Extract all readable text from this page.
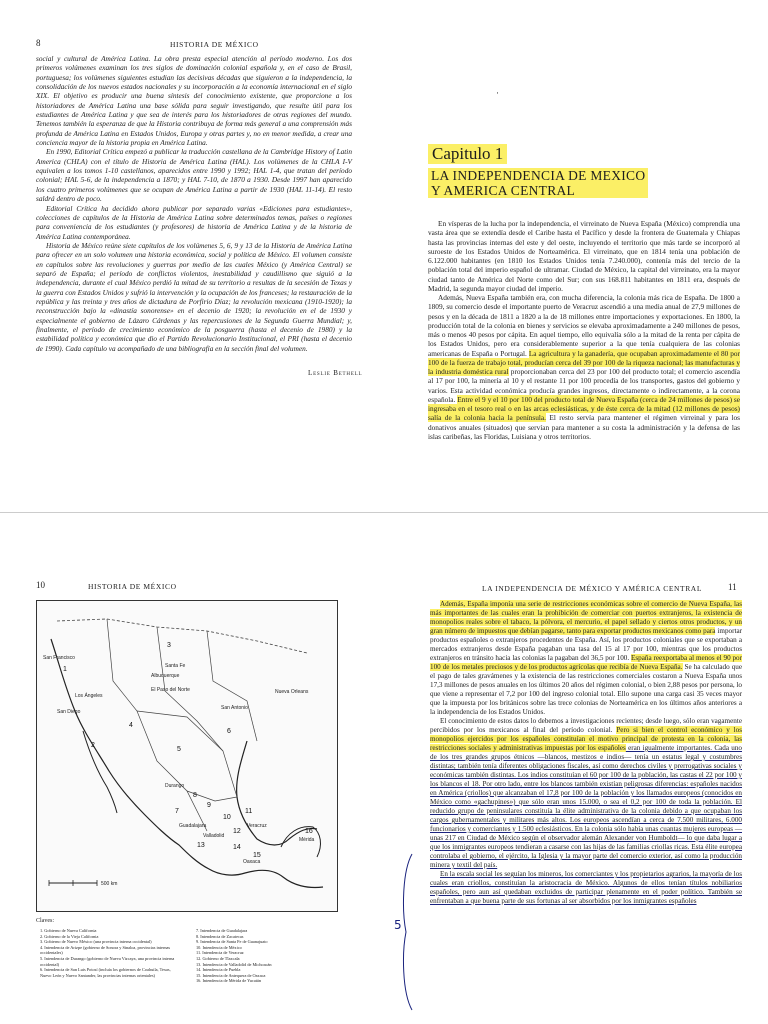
8	HISTORIA DE MÉXICO

social y cultural de América Latina. La obra presta especial atención al período moderno. Los dos primeros volúmenes examinan los tres siglos de dominación colonial española y, en el caso de Brasil, portuguesa; los volúmenes siguientes estudian las decisivas décadas que siguieron a la independencia, la consolidación de los nuevos estados nacionales y su incorporación a la economía internacional en el siglo XIX. El objetivo es producir una buena síntesis del conocimiento existente, que proporcione a los historiadores de América Latina una base sólida para seguir investigando, que resulte útil para los estudiantes de América Latina y que sea de interés para los historiadores de otras regiones del mundo. Tenemos también la esperanza de que la Historia contribuya de forma más general a una comprensión más profunda de América Latina en Estados Unidos, Europa y otras partes y, no en menor medida, a crear una conciencia mayor de la historia propia en América Latina.

En 1990, Editorial Crítica empezó a publicar la traducción castellana de la Cambridge History of Latin America (CHLA) con el título de Historia de América Latina (HAL). Los volúmenes de la CHLA I-V equivalen a los tomos 1-10 castellanos, aparecidos entre 1990 y 1992; HAL 1-4, que tratan del período colonial; HAL 5-6, de la independencia a 1870; y HAL 7-10, de 1870 a 1930. Desde 1997 han aparecido los cuatro primeros volúmenes que se ocupan de América Latina a partir de 1930 (HAL 11-14). El resto saldrá dentro de poco.

Editorial Crítica ha decidido ahora publicar por separado varias «Ediciones para estudiantes», colecciones de capítulos de la Historia de América Latina sobre determinados temas, países o regiones para conveniencia de los estudiantes (y profesores) de historia de América Latina y de la historia de América Latina contemporánea.

Historia de México reúne siete capítulos de los volúmenes 5, 6, 9 y 13 de la Historia de América Latina para ofrecer en un solo volumen una historia económica, social y política de México. El volumen consiste en capítulos sobre las revoluciones y guerras por medio de las cuales México (y América Central) se separó de España; el período de conflictos violentos, inestabilidad y caudillismo que siguió a la independencia, durante el cual México perdió la mitad de su territorio a resultas de la secesión de Texas y la guerra con Estados Unidos y sufrió la intervención y la ocupación de los franceses; la restauración de la república y las treinta y tres años de dictadura de Porfirio Díaz; la revolución mexicana (1910-1920); la reconstrucción bajo la «dinastía sonorense» en el decenio de 1920; la revolución en el de 1930 y especialmente el gobierno de Lázaro Cárdenas y las repercusiones de la Segunda Guerra Mundial; y, finalmente, el período de crecimiento económico de la posguerra (hasta el decenio de 1980) y la estabilidad política y económica que dio el Partido Revolucionario Institucional, el PRI (hasta el decenio de 1990). Cada capítulo va acompañado de una bibliografía en la sección final del volumen.

Leslie Bethell
·
Capitulo 1
LA INDEPENDENCIA DE MEXICO
Y AMERICA CENTRAL

En vísperas de la lucha por la independencia, el virreinato de Nueva España (México) comprendía una vasta área que se extendía desde el Caribe hasta el Pacífico y desde la frontera de Guatemala y Chiapas hasta las provincias internas del este y del oeste, incluyendo el territorio que más tarde se incorporó al suroeste de los Estados Unidos de Norteamérica. El virreinato, que en 1814 tenía una población de 6.122.000 habitantes (en 1810 los Estados Unidos tenía 7.240.000), contenía más del tercio de la población total del imperio español de ultramar. Ciudad de México, la capital del virreinato, era la mayor ciudad tanto de América del Norte como del Sur; con sus 168.811 habitantes en 1811 era, después de Madrid, la segunda mayor ciudad del imperio.

Además, Nueva España también era, con mucha diferencia, la colonia más rica de España. De 1800 a 1809, su comercio desde el importante puerto de Veracruz ascendió a una media anual de 27,9 millones de pesos y en la década de 1811 a 1820 a la de 18 millones entre importaciones y exportaciones. En 1800, la producción total de la colonia en bienes y servicios se elevaba aproximadamente a 240 millones de pesos, más o menos 40 pesos por cápita. En aquel tiempo, ello equivalía sólo a la mitad de la renta per cápita de los Estados Unidos, pero era considerablemente superior a la que tenía cualquiera de las colonias americanas de España o Portugal. La agricultura y la ganadería, que ocupaban aproximadamente el 80 por 100 de la fuerza de trabajo total, producían cerca del 39 por 100 de la riqueza nacional; las manufacturas y la industria doméstica rural proporcionaban cerca del 23 por 100 del producto total; el comercio ascendía al 17 por 100, la minería al 10 y el restante 11 por 100 procedía de los transportes, gastos del gobierno y varios. Esta actividad económica producía grandes ingresos, directamente o indirectamente, a la corona española. Entre el 9 y el 10 por 100 del producto total de Nueva España (cerca de 24 millones de pesos) se ingresaba en el tesoro real o en las arcas eclesiásticas, y de éste cerca de la mitad (12 millones de pesos) salía de la colonia hacia la península. El resto servía para mantener el régimen virreinal y para los donativos anuales (situados) que servían para mantener a su costa la administración y la defensa de las islas caribeñas, las Floridas, Luisiana y otros territorios.

10	HISTORIA DE MÉXICO
San Francisco
Los Ángeles
San Diego
Albuquerque
El Paso del Norte
Santa Fe
San Antonio
Nueva Orleans
Durango
Guadalajara
Valladolid
Veracruz
Mérida
Oaxaca
1
2
3
4
5
6
7
8
9
10
11
12
13	14
15
16
500 km
Claves:
1. Gobierno de Nueva California
2. Gobierno de la Vieja California
3. Gobierno de Nuevo México (una provincia interna occidental)
4. Intendencia de Arizpe (gobierno de Sonora y Sinaloa, provincias internas occidentales)
5. Intendencia de Durango (gobierno de Nueva Vizcaya, una provincia interna occidental)
6. Intendencia de San Luis Potosí (incluía los gobiernos de Coahuila, Texas, Nuevo León y Nuevo Santander, las provincias internas orientales)
7. Intendencia de Guadalajara
8. Intendencia de Zacatecas
9. Intendencia de Santa Fe de Guanajuato
10. Intendencia de México
11. Intendencia de Veracruz
12. Gobierno de Tlaxcala
13. Intendencia de Valladolid de Michoacán
14. Intendencia de Puebla
15. Intendencia de Antequera de Oaxaca
16. Intendencia de Mérida de Yucatán
LA INDEPENDENCIA DE MÉXICO Y AMÉRICA CENTRAL	11
5

Además, España imponía una serie de restricciones económicas sobre el comercio de Nueva España, las más importantes de las cuales eran la prohibición de comerciar con puertos extranjeros, la existencia de monopolios reales sobre el tabaco, la pólvora, el mercurio, el papel sellado y ciertos otros productos, y un gran número de impuestos que debían pagarse, tanto para exportar productos mexicanos como para importar productos españoles o extranjeros procedentes de España. Así, los productos coloniales que se exportaban a mercados extranjeros desde España pagaban una tasa del 15 al 17 por 100, mientras que los productos extranjeros en tránsito hacia las colonias la pagaban del 36,5 por 100. España reexportaba al menos el 90 por 100 de los metales preciosos y de los productos agrícolas que recibía de Nueva España. Se ha calculado que el pago de tales gravámenes y la existencia de las restricciones comerciales costaron a Nueva España unos 17,3 millones de pesos anuales en los últimos 20 años del régimen colonial, o bien 2,88 pesos por persona, lo que viene a representar el 7,2 por 100 del ingreso colonial total. Ello supone una carga casi 35 veces mayor que la impuesta por los británicos sobre las trece colonias de Norteamérica en los últimos años anteriores a la independencia de los Estados Unidos.

El conocimiento de estos datos lo debemos a investigaciones recientes; desde luego, sólo eran vagamente percibidos por los mexicanos al final del período colonial. Pero si bien el control económico y los monopolios ejercidos por los españoles constituían el motivo principal de protesta en la colonia, las restricciones sociales y administrativas impuestas por los españoles eran igualmente importantes. Cada uno de los tres grandes grupos étnicos —blancos, mestizos e indios— tenía un estatus legal y costumbres distintas; también tenía diferentes obligaciones fiscales, así como derechos civiles y prerrogativas sociales y económicas también distintas. Los indios constituían el 60 por 100 de la población, las castas el 22 por 100 y los blancos el 18. Por otro lado, entre los blancos también existían peligrosas diferencias: españoles nacidos en América (criollos) que alcanzaban el 17,8 por 100 de la población y los llamados europeos (conocidos en México como «gachupines») que sólo eran unos 15.000, o sea el 0,2 por 100 de toda la población. El reducido grupo de peninsulares constituía la élite administrativa de la colonia debido a que ocupaban los cargos gubernamentales y militares más altos. Los europeos ascendían a cerca de 7.500 militares, 6.000 funcionarios y comerciantes y 1.500 eclesiásticos. En la colonia sólo había unas cuantas mujeres europeas —unas 217 en Ciudad de México según el observador alemán Alexander von Humboldt— lo que daba lugar a que los inmigrantes europeos tendieran a casarse con las hijas de las familias criollas ricas. Esta élite europea controlaba el gobierno, el ejército, la Iglesia y la mayor parte del comercio exterior, así como la producción minera y textil del país.

En la escala social les seguían los mineros, los comerciantes y los propietarios agrarios, la mayoría de los cuales eran criollos, constituían la aristocracia de México. Algunos de ellos tenían títulos nobiliarios españoles, pero aun así quedaban excluidos de participar plenamente en el poder político. También se enfrentaban a que buena parte de sus fortunas al ser absorbidos por los inmigrantes españoles
